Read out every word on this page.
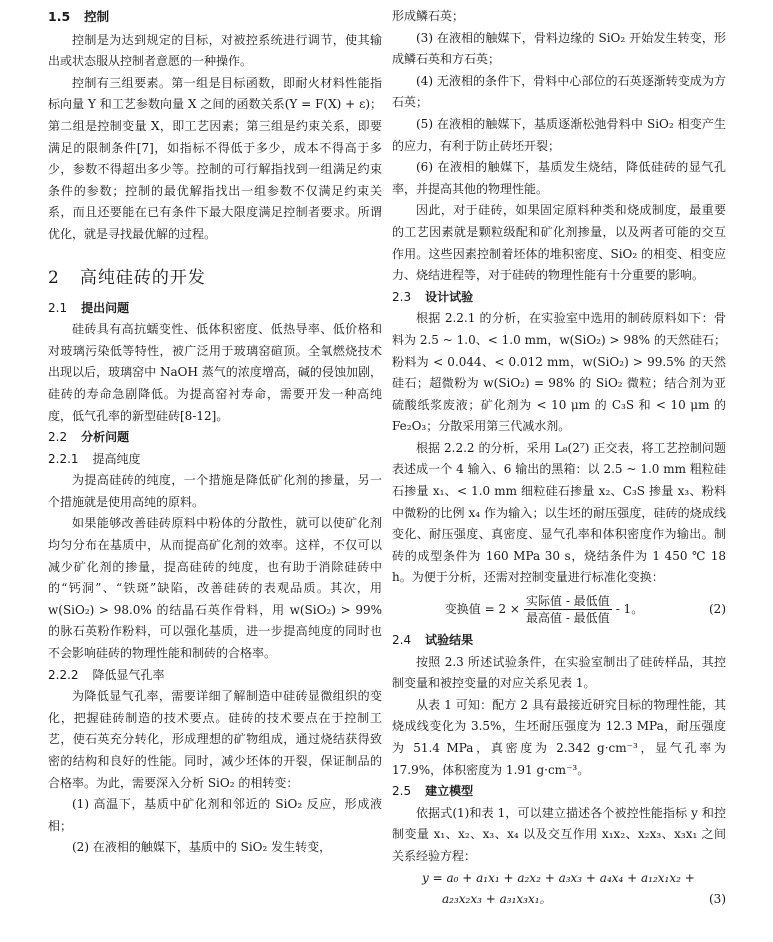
1.5 控制

控制是为达到规定的目标，对被控系统进行调节，使其输出或状态服从控制者意愿的一种操作。

控制有三组要素。第一组是目标函数，即耐火材料性能指标向量 Y 和工艺参数向量 X 之间的函数关系(Y = F(X) + ε)；第二组是控制变量 X，即工艺因素；第三组是约束关系，即要满足的限制条件[7]，如指标不得低于多少，成本不得高于多少，参数不得超出多少等。控制的可行解指找到一组满足约束条件的参数；控制的最优解指找出一组参数不仅满足约束关系，而且还要能在已有条件下最大限度满足控制者要求。所谓优化，就是寻找最优解的过程。

2 高纯硅砖的开发
2.1 提出问题

硅砖具有高抗蠕变性、低体积密度、低热导率、低价格和对玻璃污染低等特性，被广泛用于玻璃窑碹顶。全氧燃烧技术出现以后，玻璃窑中 NaOH 蒸气的浓度增高，碱的侵蚀加剧，硅砖的寿命急剧降低。为提高窑衬寿命，需要开发一种高纯度，低气孔率的新型硅砖[8-12]。

2.2 分析问题
2.2.1 提高纯度

为提高硅砖的纯度，一个措施是降低矿化剂的掺量，另一个措施就是使用高纯的原料。

如果能够改善硅砖原料中粉体的分散性，就可以使矿化剂均匀分布在基质中，从而提高矿化剂的效率。这样，不仅可以减少矿化剂的掺量，提高硅砖的纯度，也有助于消除硅砖中的“钙洞”、“铁斑”缺陷，改善硅砖的表观品质。其次，用 w(SiO₂) > 98.0% 的结晶石英作骨料，用 w(SiO₂) > 99% 的脉石英粉作粉料，可以强化基质，进一步提高纯度的同时也不会影响硅砖的物理性能和制砖的合格率。

2.2.2 降低显气孔率

为降低显气孔率，需要详细了解制造中硅砖显微组织的变化，把握硅砖制造的技术要点。硅砖的技术要点在于控制工艺，使石英充分转化，形成理想的矿物组成，通过烧结获得致密的结构和良好的性能。同时，减少坯体的开裂，保证制品的合格率。为此，需要深入分析 SiO₂ 的相转变：

(1) 高温下，基质中矿化剂和邻近的 SiO₂ 反应，形成液相；

(2) 在液相的触媒下，基质中的 SiO₂ 发生转变，

形成鳞石英；

(3) 在液相的触媒下，骨料边缘的 SiO₂ 开始发生转变，形成鳞石英和方石英；

(4) 无液相的条件下，骨料中心部位的石英逐渐转变成为方石英；

(5) 在液相的触媒下，基质逐渐松弛骨料中 SiO₂ 相变产生的应力，有利于防止砖坯开裂；

(6) 在液相的触媒下，基质发生烧结，降低硅砖的显气孔率，并提高其他的物理性能。

因此，对于硅砖，如果固定原料种类和烧成制度，最重要的工艺因素就是颗粒级配和矿化剂掺量，以及两者可能的交互作用。这些因素控制着坯体的堆积密度、SiO₂ 的相变、相变应力、烧结进程等，对于硅砖的物理性能有十分重要的影响。

2.3 设计试验

根据 2.2.1 的分析，在实验室中选用的制砖原料如下：骨料为 2.5 ~ 1.0、< 1.0 mm，w(SiO₂) > 98% 的天然硅石；粉料为 < 0.044、< 0.012 mm，w(SiO₂) > 99.5% 的天然硅石；超微粉为 w(SiO₂) = 98% 的 SiO₂ 微粒；结合剂为亚硫酸纸浆废液；矿化剂为 < 10 μm 的 C₃S 和 < 10 μm 的 Fe₂O₃；分散采用第三代减水剂。

根据 2.2.2 的分析，采用 L₈(2⁷) 正交表，将工艺控制问题表述成一个 4 输入、6 输出的黑箱：以 2.5 ~ 1.0 mm 粗粒硅石掺量 x₁、< 1.0 mm 细粒硅石掺量 x₂、C₃S 掺量 x₃、粉料中微粉的比例 x₄ 作为输入；以生坯的耐压强度，硅砖的烧成线变化、耐压强度、真密度、显气孔率和体积密度作为输出。制砖的成型条件为 160 MPa 30 s，烧结条件为 1 450 ℃ 18 h。为便于分析，还需对控制变量进行标准化变换：

变换值 = $2 \times \frac{\text{实际值 - 最低值}}{\text{最高值 - 最低值}} - 1$。	(2)
2.4 试验结果

按照 2.3 所述试验条件，在实验室制出了硅砖样品，其控制变量和被控变量的对应关系见表 1。

从表 1 可知：配方 2 具有最接近研究目标的物理性能，其烧成线变化为 3.5%，生坯耐压强度为 12.3 MPa，耐压强度为 51.4 MPa，真密度为 2.342 g·cm⁻³，显气孔率为 17.9%，体积密度为 1.91 g·cm⁻³。

2.5 建立模型

依据式(1)和表 1，可以建立描述各个被控性能指标 y 和控制变量 x₁、x₂、x₃、x₄ 以及交互作用 x₁x₂、x₂x₃、x₃x₁ 之间关系经验方程：

y = a₀ + a₁x₁ + a₂x₂ + a₃x₃ + a₄x₄ + a₁₂x₁x₂ +

a₂₃x₂x₃ + a₃₁x₃x₁。	(3)
